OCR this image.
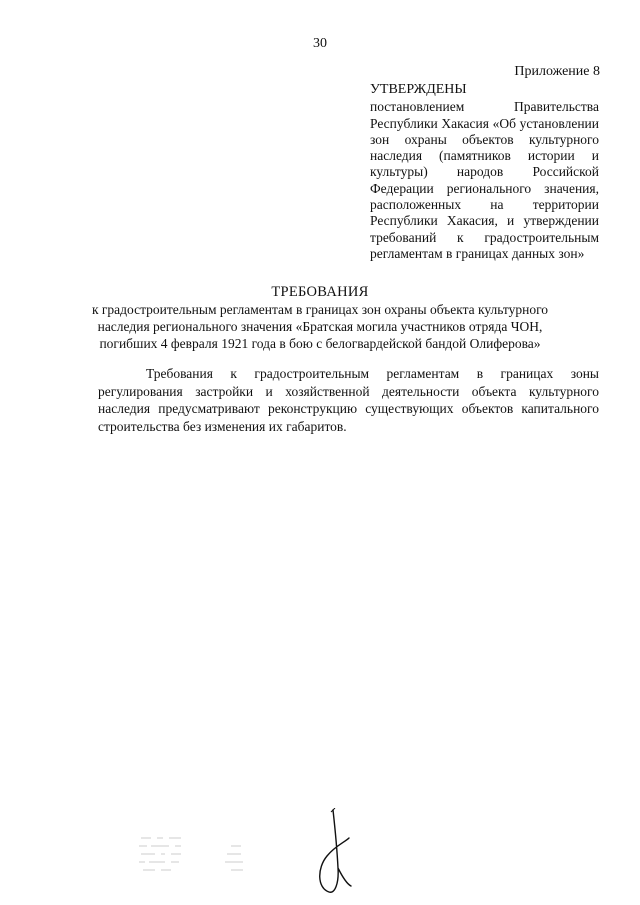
30
Приложение 8
УТВЕРЖДЕНЫ
постановлением Правительства Республики Хакасия «Об установлении зон охраны объектов культурного наследия (памятников истории и культуры) народов Российской Федерации регионального значения, расположенных на территории Республики Хакасия, и утверждении требований к градостроительным регламентам в границах данных зон»
ТРЕБОВАНИЯ
к градостроительным регламентам в границах зон охраны объекта культурного наследия регионального значения «Братская могила участников отряда ЧОН, погибших 4 февраля 1921 года в бою с белогвардейской бандой Олиферова»
Требования к градостроительным регламентам в границах зоны регулирования застройки и хозяйственной деятельности объекта культурного наследия предусматривают реконструкцию существующих объектов капитального строительства без изменения их габаритов.
